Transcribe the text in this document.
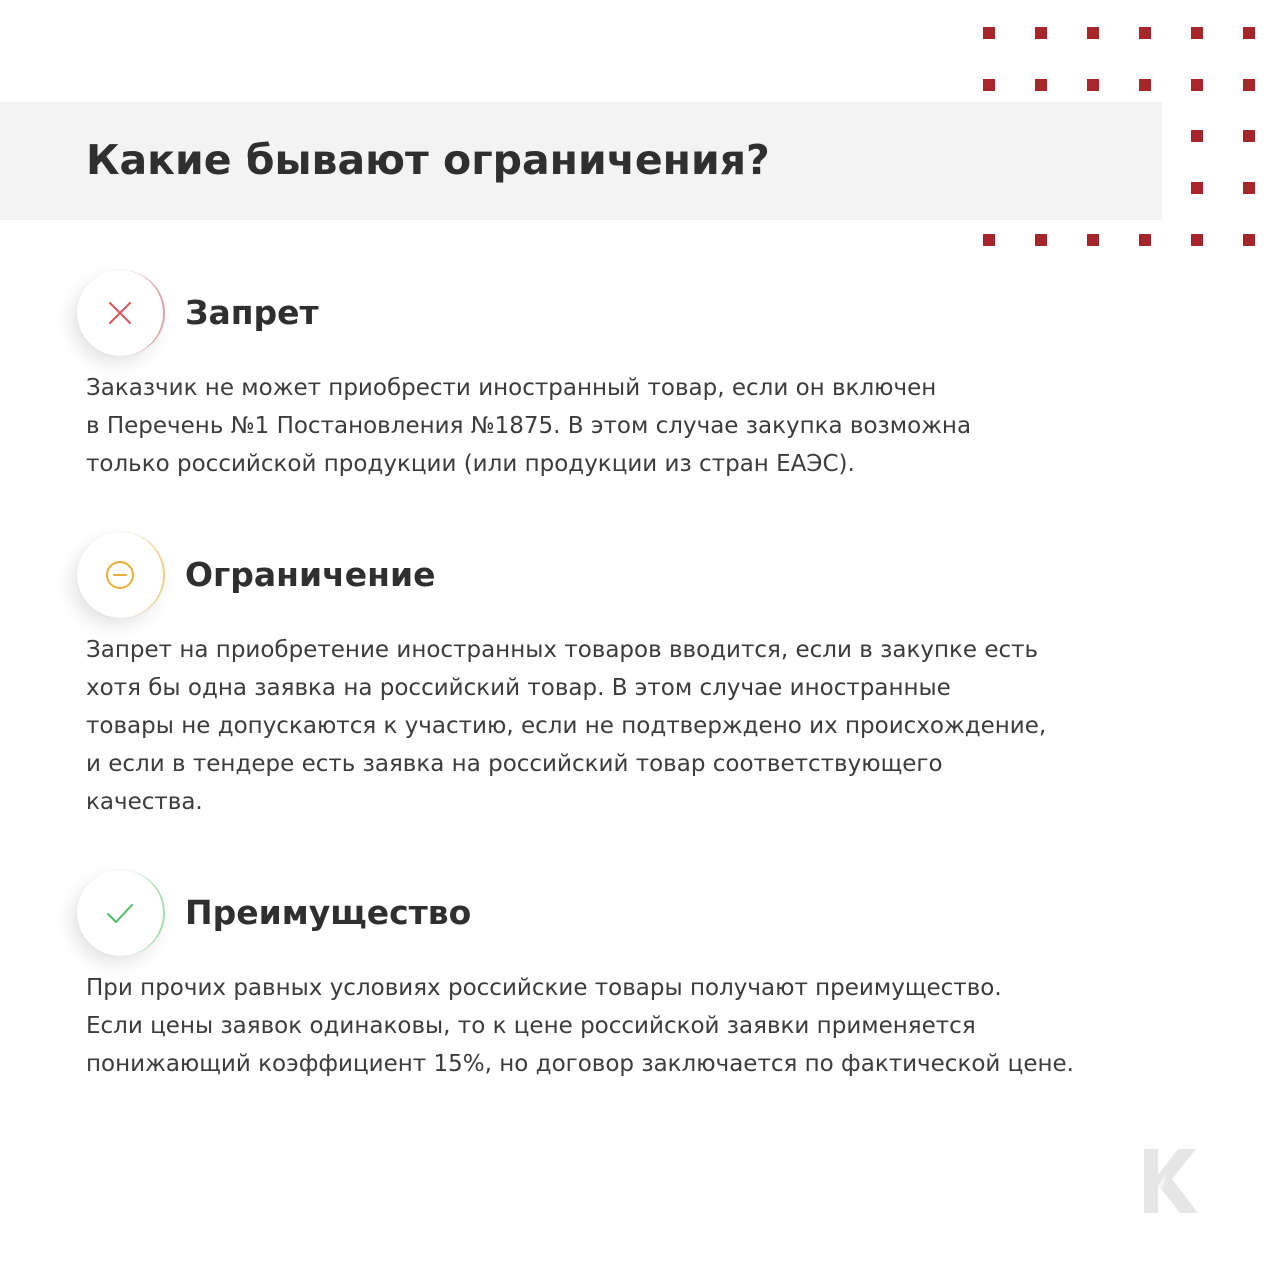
Какие бывают ограничения?
Запрет

Заказчик не может приобрести иностранный товар, если он включен
в Перечень №1 Постановления №1875. В этом случае закупка возможна
только российской продукции (или продукции из стран ЕАЭС).

Ограничение

Запрет на приобретение иностранных товаров вводится, если в закупке есть
хотя бы одна заявка на российский товар. В этом случае иностранные
товары не допускаются к участию, если не подтверждено их происхождение,
и если в тендере есть заявка на российский товар соответствующего
качества.

Преимущество

При прочих равных условиях российские товары получают преимущество.
Если цены заявок одинаковы, то к цене российской заявки применяется
понижающий коэффициент 15%, но договор заключается по фактической цене.
